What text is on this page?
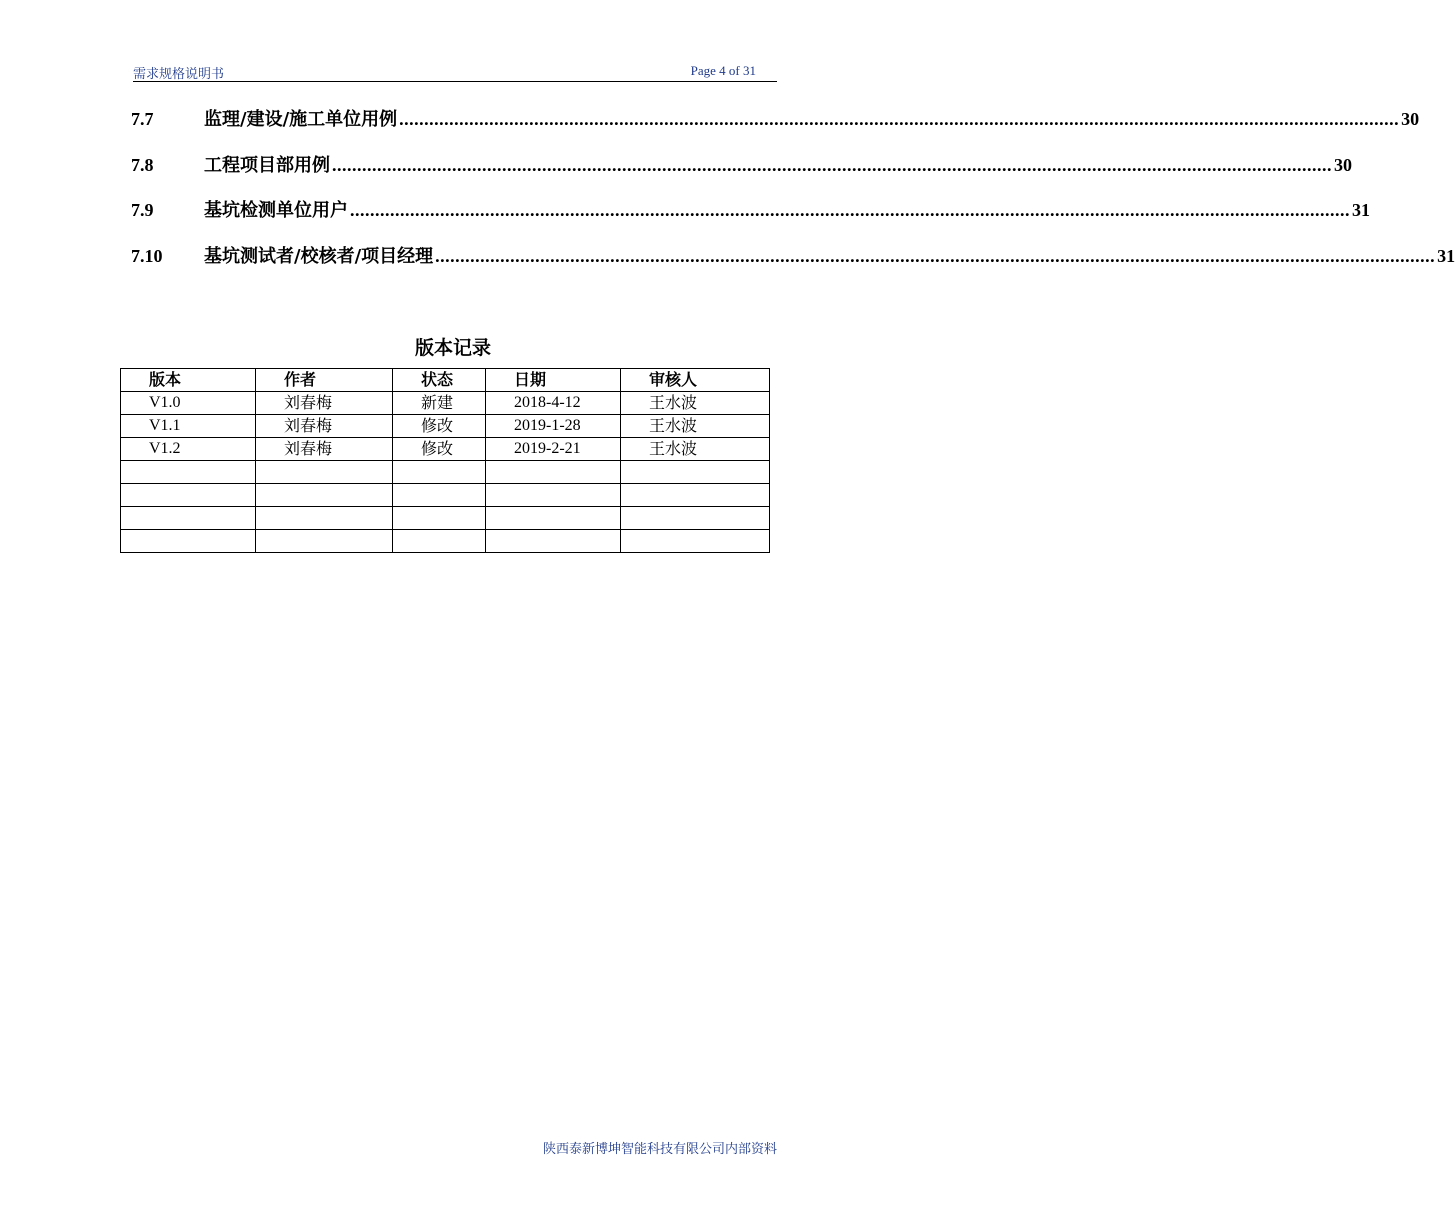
需求规格说明书	Page 4 of 31
7.7	监理/建设/施工单位用例 ........................................................................................................................................................................................................ 30
7.8	工程项目部用例 ........................................................................................................................................................................................................ 30
7.9	基坑检测单位用户 ........................................................................................................................................................................................................ 31
7.10	基坑测试者/校核者/项目经理 ........................................................................................................................................................................................................ 31
版本记录
版本	作者	状态	日期	审核人
V1.0	刘春梅	新建	2018-4-12	王水波
V1.1	刘春梅	修改	2019-1-28	王水波
V1.2	刘春梅	修改	2019-2-21	王水波

陕西泰新博坤智能科技有限公司内部资料
